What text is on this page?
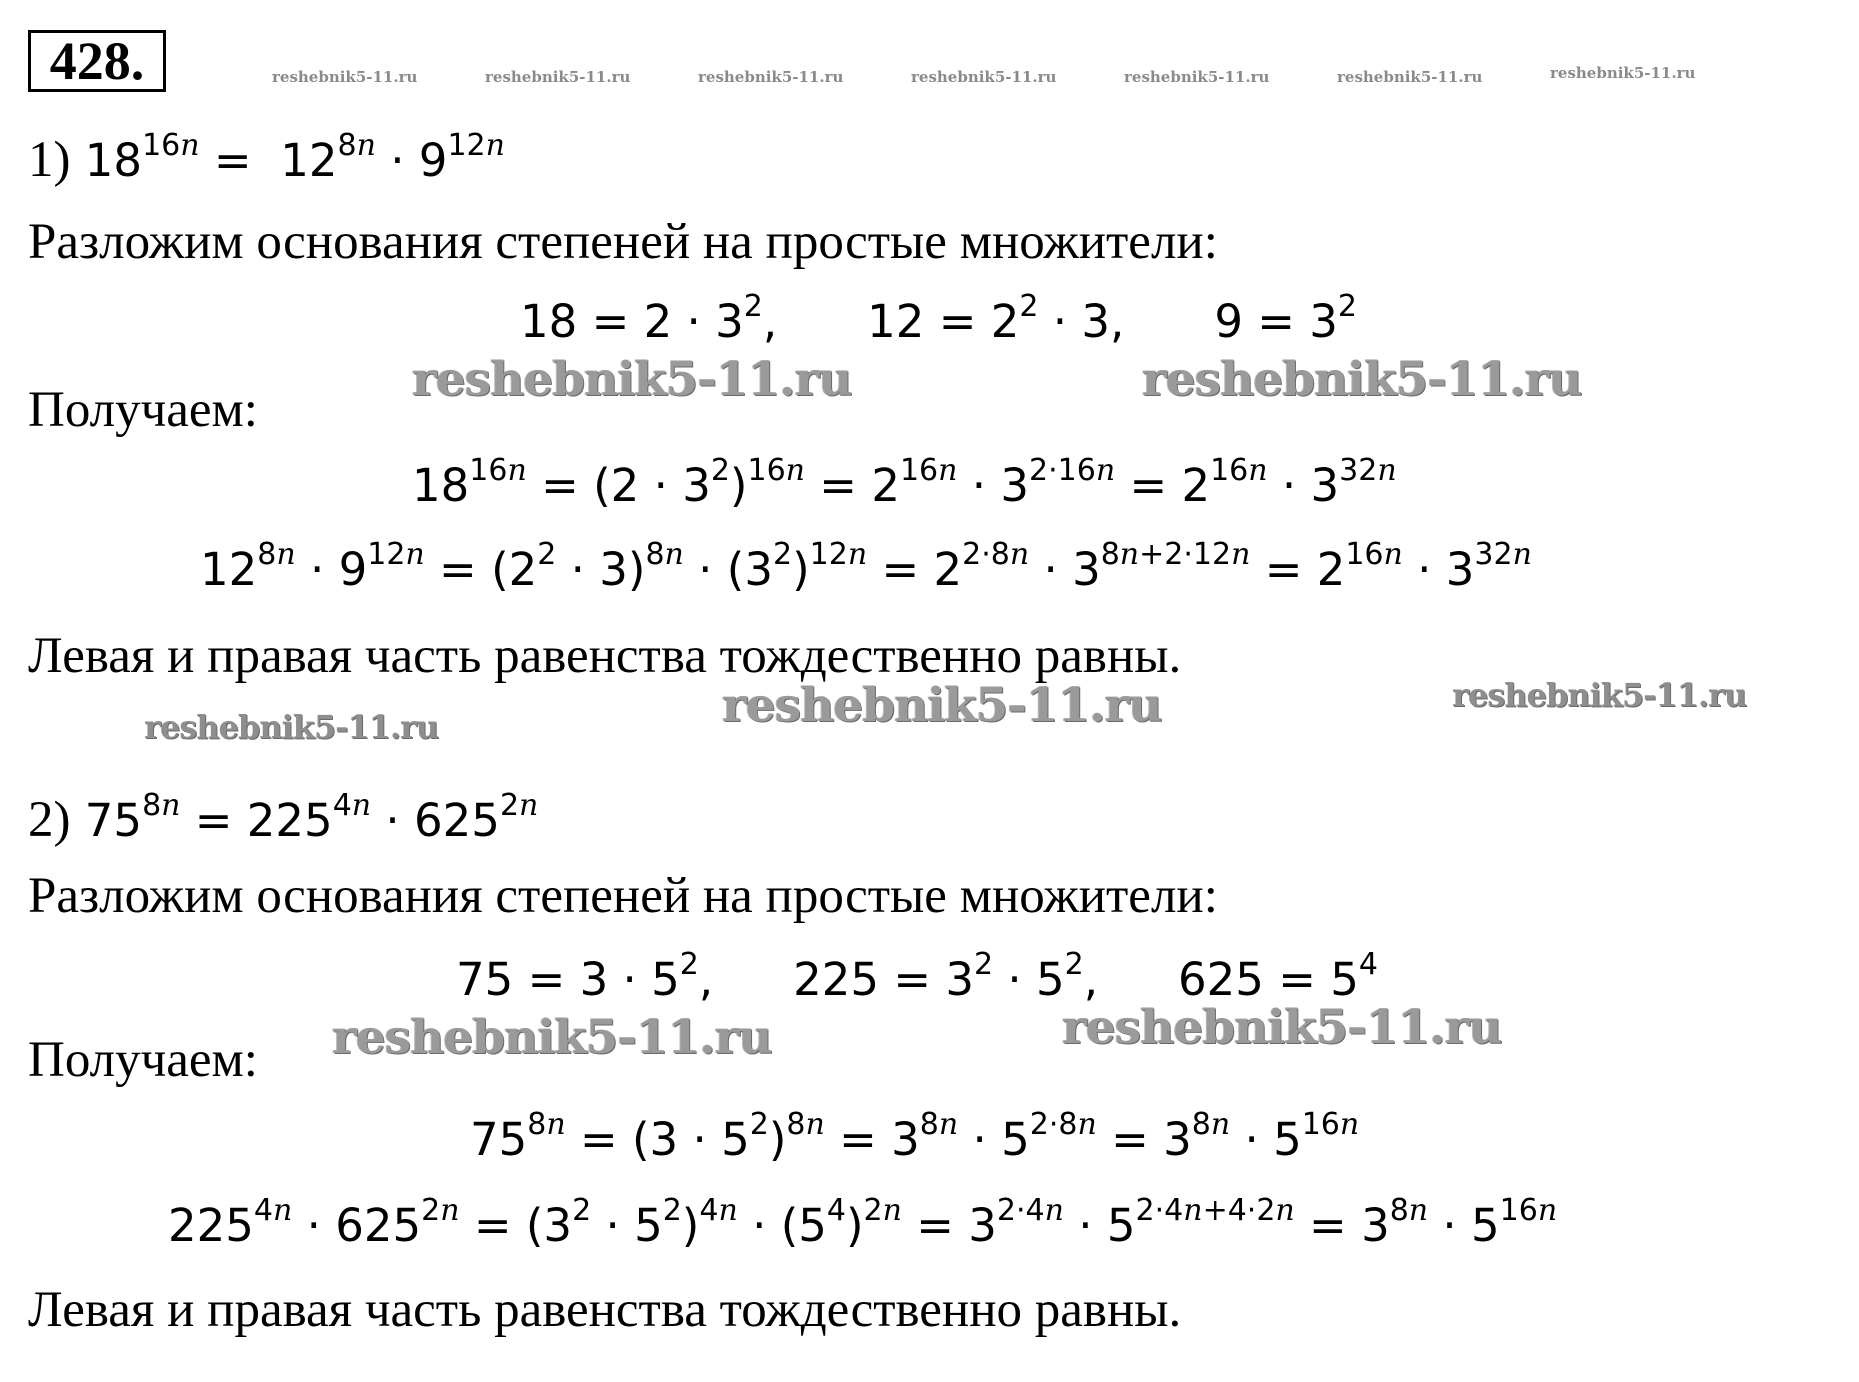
428.	reshebnik5-11.ru	reshebnik5-11.ru	reshebnik5-11.ru	reshebnik5-11.ru	reshebnik5-11.ru	reshebnik5-11.ru	reshebnik5-11.ru
1) $18^{16n} = 12^{8n} \cdot 9^{12n}$
Разложим основания степеней на простые множители:
$18 = 2 \cdot 3^2$, $12 = 2^2 \cdot 3$, $9 = 3^2$
reshebnik5-11.ru	reshebnik5-11.ru
Получаем:
$18^{16n} = (2 \cdot 3^2)^{16n} = 2^{16n} \cdot 3^{2\cdot 16n} = 2^{16n} \cdot 3^{32n}$
$12^{8n} \cdot 9^{12n} = (2^2 \cdot 3)^{8n} \cdot (3^2)^{12n} = 2^{2\cdot 8n} \cdot 3^{8n+2\cdot 12n} = 2^{16n} \cdot 3^{32n}$
Левая и правая часть равенства тождественно равны.
reshebnik5-11.ru	reshebnik5-11.ru	reshebnik5-11.ru
2) $75^{8n} = 225^{4n} \cdot 625^{2n}$
Разложим основания степеней на простые множители:
$75 = 3 \cdot 5^2$, $225 = 3^2 \cdot 5^2$, $625 = 5^4$
reshebnik5-11.ru	reshebnik5-11.ru
Получаем:
$75^{8n} = (3 \cdot 5^2)^{8n} = 3^{8n} \cdot 5^{2\cdot 8n} = 3^{8n} \cdot 5^{16n}$
$225^{4n} \cdot 625^{2n} = (3^2 \cdot 5^2)^{4n} \cdot (5^4)^{2n} = 3^{2\cdot 4n} \cdot 5^{2\cdot 4n+4\cdot 2n} = 3^{8n} \cdot 5^{16n}$
Левая и правая часть равенства тождественно равны.
